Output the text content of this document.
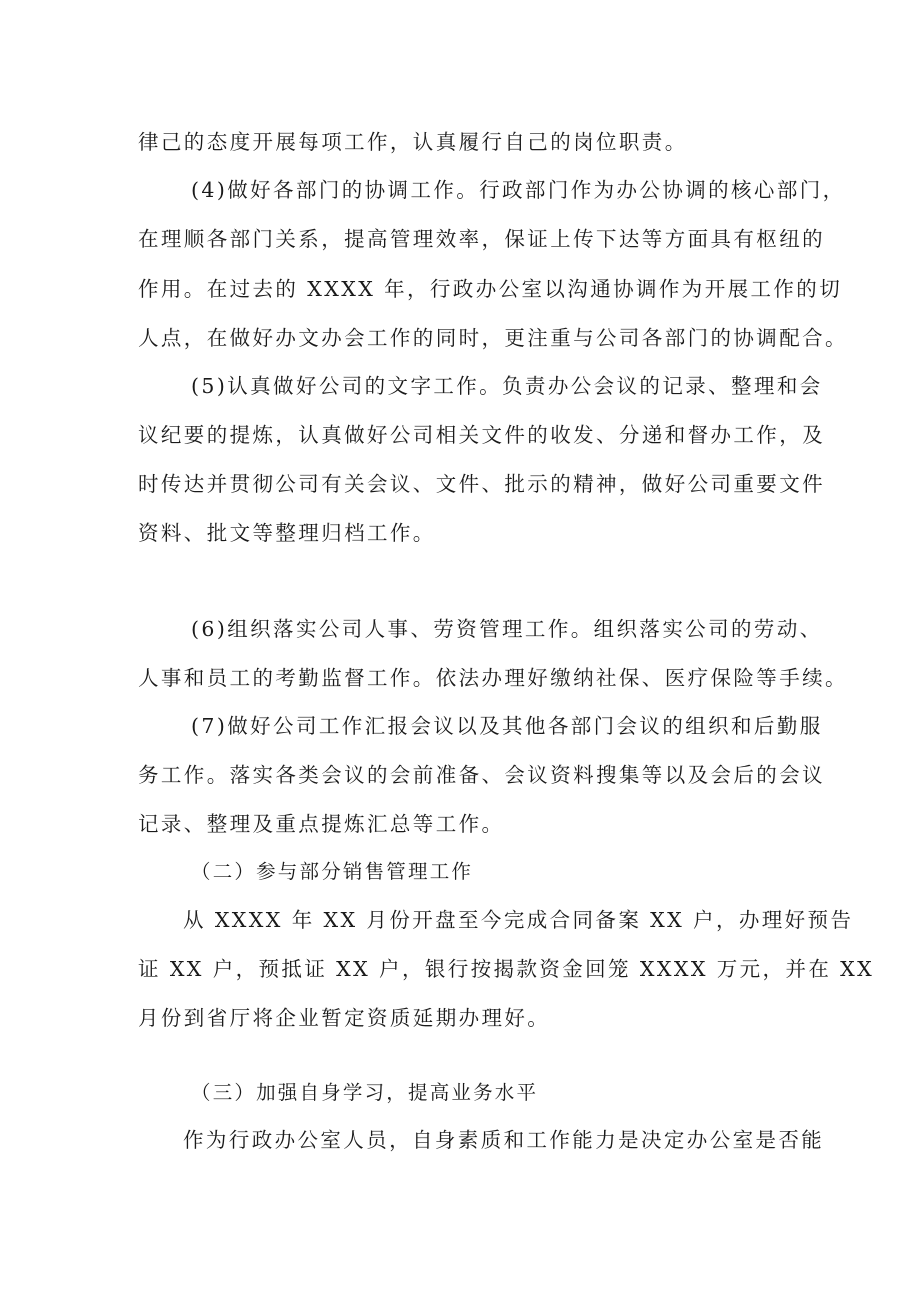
律己的态度开展每项工作，认真履行自己的岗位职责。
(4)做好各部门的协调工作。行政部门作为办公协调的核心部门，
在理顺各部门关系，提高管理效率，保证上传下达等方面具有枢纽的
作用。在过去的 XXXX 年，行政办公室以沟通协调作为开展工作的切
人点，在做好办文办会工作的同时，更注重与公司各部门的协调配合。
(5)认真做好公司的文字工作。负责办公会议的记录、整理和会
议纪要的提炼，认真做好公司相关文件的收发、分递和督办工作，及
时传达并贯彻公司有关会议、文件、批示的精神，做好公司重要文件
资料、批文等整理归档工作。
(6)组织落实公司人事、劳资管理工作。组织落实公司的劳动、
人事和员工的考勤监督工作。依法办理好缴纳社保、医疗保险等手续。
(7)做好公司工作汇报会议以及其他各部门会议的组织和后勤服
务工作。落实各类会议的会前准备、会议资料搜集等以及会后的会议
记录、整理及重点提炼汇总等工作。
（二）参与部分销售管理工作
从 XXXX 年 XX 月份开盘至今完成合同备案 XX 户，办理好预告
证 XX 户，预抵证 XX 户，银行按揭款资金回笼 XXXX 万元，并在 XX
月份到省厅将企业暂定资质延期办理好。
（三）加强自身学习，提高业务水平
作为行政办公室人员，自身素质和工作能力是决定办公室是否能
